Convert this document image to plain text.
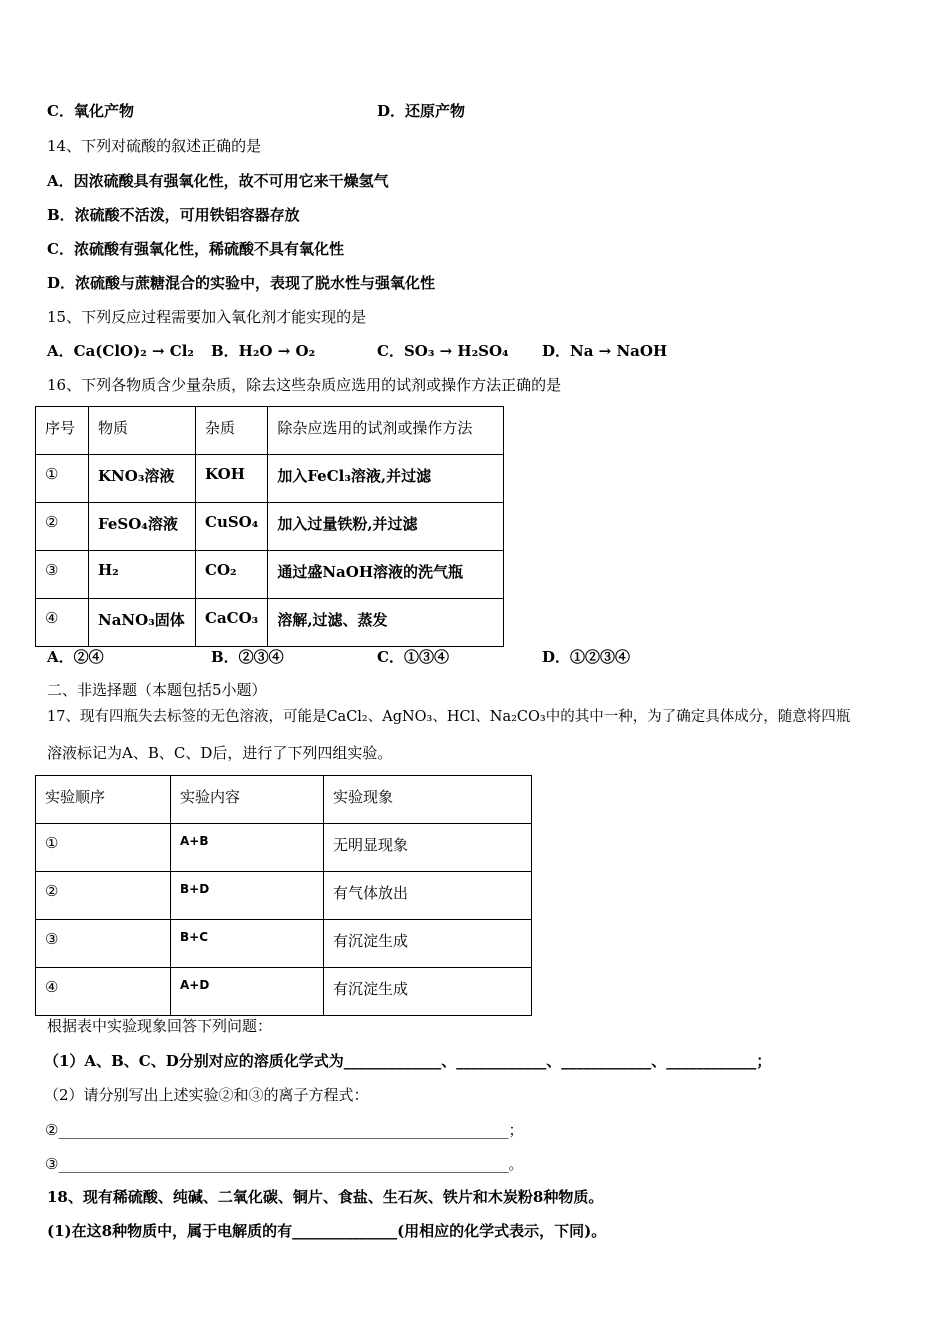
C．氧化产物	D．还原产物
14、下列对硫酸的叙述正确的是
A．因浓硫酸具有强氧化性，故不可用它来干燥氢气
B．浓硫酸不活泼，可用铁铝容器存放
C．浓硫酸有强氧化性，稀硫酸不具有氧化性
D．浓硫酸与蔗糖混合的实验中，表现了脱水性与强氧化性
15、下列反应过程需要加入氧化剂才能实现的是
A．Ca(ClO)₂ → Cl₂ B．H₂O → O₂	C．SO₃ → H₂SO₄ D．Na → NaOH
16、下列各物质含少量杂质，除去这些杂质应选用的试剂或操作方法正确的是
序号	物质	杂质	除杂应选用的试剂或操作方法
①	KNO₃溶液	KOH	加入FeCl₃溶液,并过滤
②	FeSO₄溶液	CuSO₄	加入过量铁粉,并过滤
③	H₂	CO₂	通过盛NaOH溶液的洗气瓶
④	NaNO₃固体	CaCO₃	溶解,过滤、蒸发
A．②④	B．②③④	C．①③④	D．①②③④
二、非选择题（本题包括5小题）
17、现有四瓶失去标签的无色溶液，可能是CaCl₂、AgNO₃、HCl、Na₂CO₃中的其中一种，为了确定具体成分，随意将四瓶
溶液标记为A、B、C、D后，进行了下列四组实验。
实验顺序	实验内容	实验现象
①	A+B	无明显现象
②	B+D	有气体放出
③	B+C	有沉淀生成
④	A+D	有沉淀生成
根据表中实验现象回答下列问题：
（1）A、B、C、D分别对应的溶质化学式为_____________、____________、____________、____________；
（2）请分别写出上述实验②和③的离子方程式：
②____________________________________________________________；
③____________________________________________________________。
18、现有稀硫酸、纯碱、二氧化碳、铜片、食盐、生石灰、铁片和木炭粉8种物质。
(1)在这8种物质中，属于电解质的有______________(用相应的化学式表示，下同)。
